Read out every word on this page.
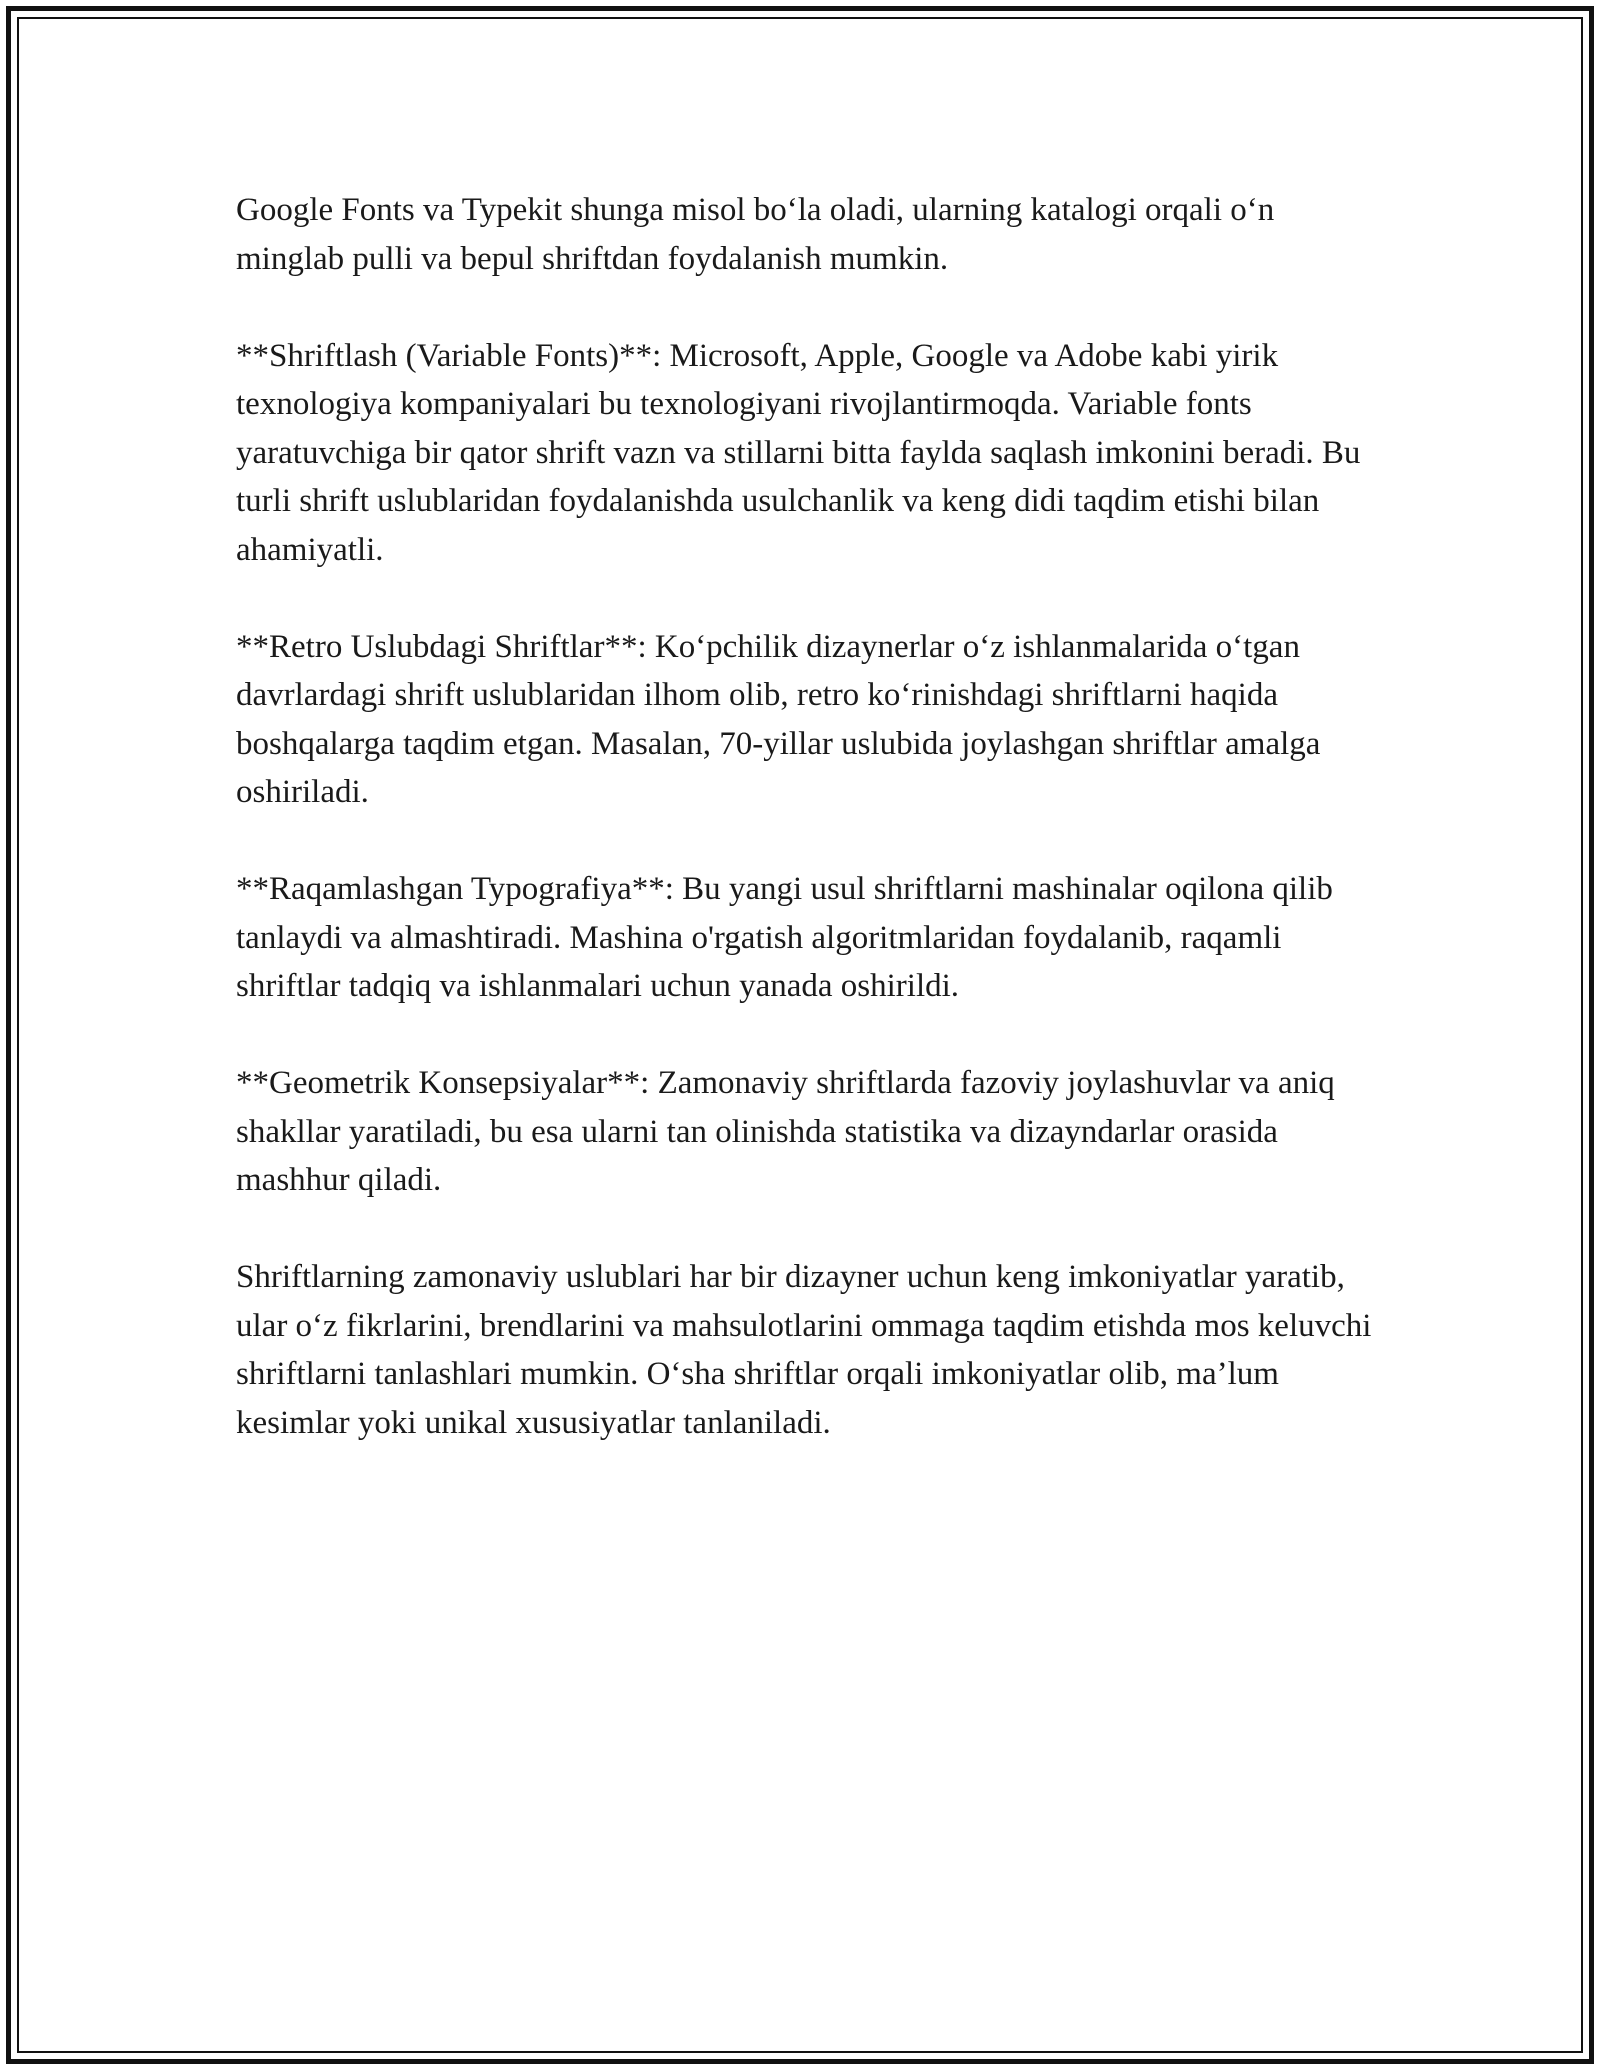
Google Fonts va Typekit shunga misol bo‘la oladi, ularning katalogi orqali o‘n minglab pulli va bepul shriftdan foydalanish mumkin.

**Shriftlash (Variable Fonts)**: Microsoft, Apple, Google va Adobe kabi yirik texnologiya kompaniyalari bu texnologiyani rivojlantirmoqda. Variable fonts yaratuvchiga bir qator shrift vazn va stillarni bitta faylda saqlash imkonini beradi. Bu turli shrift uslublaridan foydalanishda usulchanlik va keng didi taqdim etishi bilan ahamiyatli.

**Retro Uslubdagi Shriftlar**: Ko‘pchilik dizaynerlar o‘z ishlanmalarida o‘tgan davrlardagi shrift uslublaridan ilhom olib, retro ko‘rinishdagi shriftlarni haqida boshqalarga taqdim etgan. Masalan, 70-yillar uslubida joylashgan shriftlar amalga oshiriladi.

**Raqamlashgan Typografiya**: Bu yangi usul shriftlarni mashinalar oqilona qilib tanlaydi va almashtiradi. Mashina o'rgatish algoritmlaridan foydalanib, raqamli shriftlar tadqiq va ishlanmalari uchun yanada oshirildi.

**Geometrik Konsepsiyalar**: Zamonaviy shriftlarda fazoviy joylashuvlar va aniq shakllar yaratiladi, bu esa ularni tan olinishda statistika va dizayndarlar orasida mashhur qiladi.

Shriftlarning zamonaviy uslublari har bir dizayner uchun keng imkoniyatlar yaratib, ular o‘z fikrlarini, brendlarini va mahsulotlarini ommaga taqdim etishda mos keluvchi shriftlarni tanlashlari mumkin. O‘sha shriftlar orqali imkoniyatlar olib, ma’lum kesimlar yoki unikal xususiyatlar tanlaniladi.
